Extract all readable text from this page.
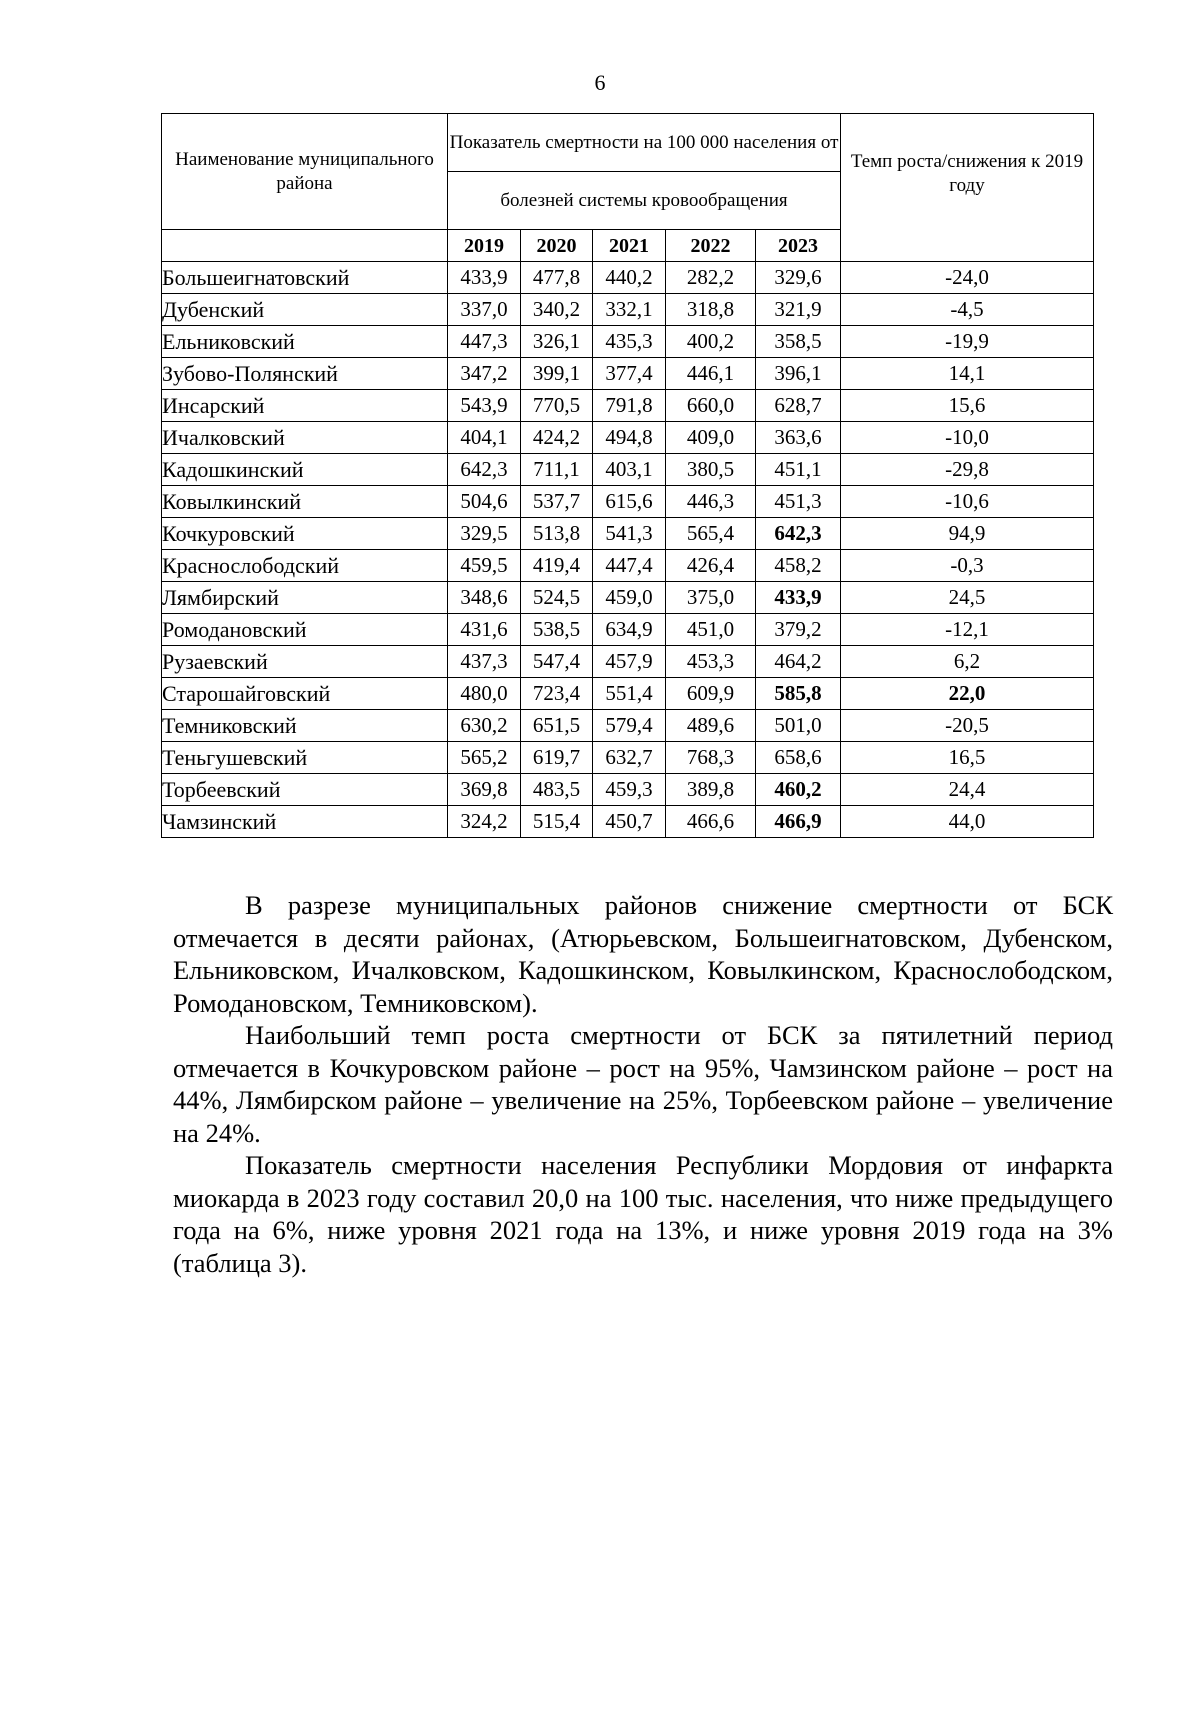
6
Наименование муниципального района	Показатель смертности на 100 000 населения от					Темп роста/снижения к 2019 году
	болезней системы кровообращения					
	2019	2020	2021	2022	2023	
Большеигнатовский	433,9	477,8	440,2	282,2	329,6	-24,0
Дубенский	337,0	340,2	332,1	318,8	321,9	-4,5
Ельниковский	447,3	326,1	435,3	400,2	358,5	-19,9
Зубово-Полянский	347,2	399,1	377,4	446,1	396,1	14,1
Инсарский	543,9	770,5	791,8	660,0	628,7	15,6
Ичалковский	404,1	424,2	494,8	409,0	363,6	-10,0
Кадошкинский	642,3	711,1	403,1	380,5	451,1	-29,8
Ковылкинский	504,6	537,7	615,6	446,3	451,3	-10,6
Кочкуровский	329,5	513,8	541,3	565,4	642,3	94,9
Краснослободский	459,5	419,4	447,4	426,4	458,2	-0,3
Лямбирский	348,6	524,5	459,0	375,0	433,9	24,5
Ромодановский	431,6	538,5	634,9	451,0	379,2	-12,1
Рузаевский	437,3	547,4	457,9	453,3	464,2	6,2
Старошайговский	480,0	723,4	551,4	609,9	585,8	22,0
Темниковский	630,2	651,5	579,4	489,6	501,0	-20,5
Теньгушевский	565,2	619,7	632,7	768,3	658,6	16,5
Торбеевский	369,8	483,5	459,3	389,8	460,2	24,4
Чамзинский	324,2	515,4	450,7	466,6	466,9	44,0

В разрезе муниципальных районов снижение смертности от БСК отмечается в десяти районах, (Атюрьевском, Большеигнатовском, Дубенском, Ельниковском, Ичалковском, Кадошкинском, Ковылкинском, Краснослободском, Ромодановском, Темниковском).

Наибольший темп роста смертности от БСК за пятилетний период отмечается в Кочкуровском районе – рост на 95%, Чамзинском районе – рост на 44%, Лямбирском районе – увеличение на 25%, Торбеевском районе – увеличение на 24%.

Показатель смертности населения Республики Мордовия от инфаркта миокарда в 2023 году составил 20,0 на 100 тыс. населения, что ниже предыдущего года на 6%, ниже уровня 2021 года на 13%, и ниже уровня 2019 года на 3% (таблица 3).
